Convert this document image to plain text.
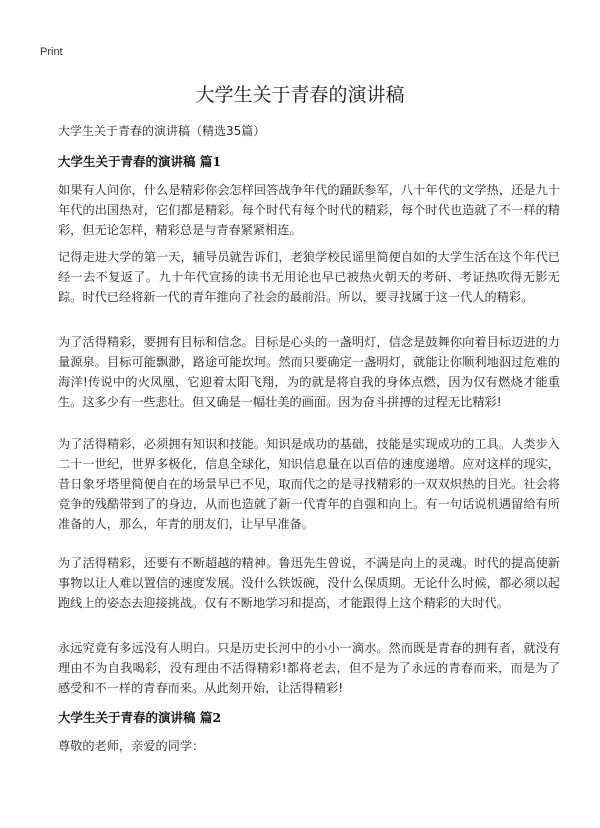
Print
大学生关于青春的演讲稿
大学生关于青春的演讲稿（精选35篇）
大学生关于青春的演讲稿 篇1

如果有人问你，什么是精彩你会怎样回答战争年代的踊跃参军，八十年代的文学热，还是九十年代的出国热对，它们都是精彩。每个时代有每个时代的精彩，每个时代也造就了不一样的精彩，但无论怎样，精彩总是与青春紧紧相连。

记得走进大学的第一天，辅导员就告诉们，老狼学校民谣里简便自如的大学生活在这个年代已经一去不复返了。九十年代宣扬的读书无用论也早已被热火朝天的考研、考证热吹得无影无踪。时代已经将新一代的青年推向了社会的最前沿。所以，要寻找属于这一代人的精彩。

为了活得精彩，要拥有目标和信念。目标是心头的一盏明灯，信念是鼓舞你向着目标迈进的力量源泉。目标可能飘渺，路途可能坎坷。然而只要确定一盏明灯，就能让你顺利地泅过危难的海洋!传说中的火凤凰，它迎着太阳飞翔，为的就是将自我的身体点燃，因为仅有燃烧才能重生。这多少有一些悲壮。但又确是一幅壮美的画面。因为奋斗拼搏的过程无比精彩!

为了活得精彩，必须拥有知识和技能。知识是成功的基础，技能是实现成功的工具。人类步入二十一世纪，世界多极化，信息全球化，知识信息量在以百倍的速度递增。应对这样的现实，昔日象牙塔里简便自在的场景早已不见，取而代之的是寻找精彩的一双双炽热的目光。社会将竞争的残酷带到了的身边，从而也造就了新一代青年的自强和向上。有一句话说机遇留给有所准备的人，那么，年青的朋友们，让早早准备。

为了活得精彩，还要有不断超越的精神。鲁迅先生曾说，不满是向上的灵魂。时代的提高使新事物以让人难以置信的速度发展。没什么铁饭碗，没什么保质期。无论什么时候，都必须以起跑线上的姿态去迎接挑战。仅有不断地学习和提高，才能跟得上这个精彩的大时代。

永远究竟有多远没有人明白。只是历史长河中的小小一滴水。然而既是青春的拥有者，就没有理由不为自我喝彩，没有理由不活得精彩!都将老去，但不是为了永远的青春而来，而是为了感受和不一样的青春而来。从此刻开始，让活得精彩!

大学生关于青春的演讲稿 篇2

尊敬的老师，亲爱的同学：
